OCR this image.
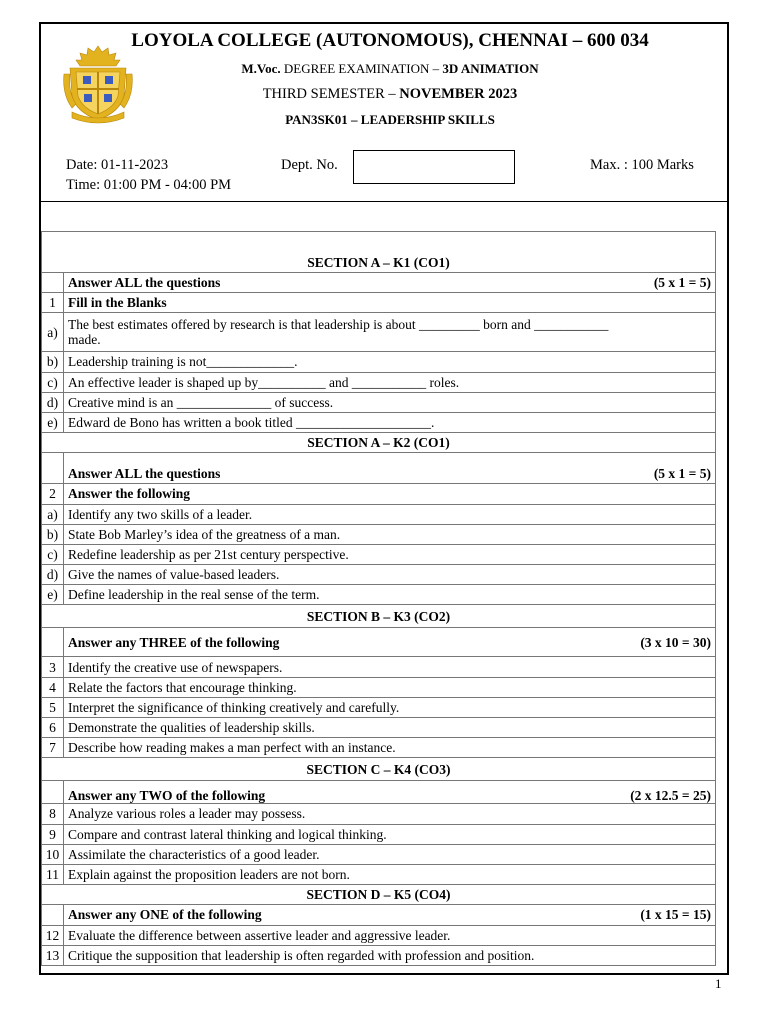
LOYOLA COLLEGE (AUTONOMOUS), CHENNAI – 600 034
M.Voc. DEGREE EXAMINATION – 3D ANIMATION
THIRD SEMESTER – NOVEMBER 2023
PAN3SK01 – LEADERSHIP SKILLS
Date: 01-11-2023	Dept. No.	Max. : 100 Marks
Time: 01:00 PM - 04:00 PM
SECTION A – K1 (CO1)	
	Answer ALL the questions (5 x 1 = 5)

1	Fill in the Blanks
a)	The best estimates offered by research is that leadership is about _________ born and ___________ made.
b)	Leadership training is not_____________.
c)	An effective leader is shaped up by__________ and ___________ roles.
d)	Creative mind is an ______________ of success.
e)	Edward de Bono has written a book titled ____________________.
SECTION A – K2 (CO1)	
	Answer ALL the questions (5 x 1 = 5)

2	Answer the following
a)	Identify any two skills of a leader.
b)	State Bob Marley’s idea of the greatness of a man.
c)	Redefine leadership as per 21st century perspective.
d)	Give the names of value-based leaders.
e)	Define leadership in the real sense of the term.
SECTION B – K3 (CO2)	
	Answer any THREE of the following (3 x 10 = 30)

3	Identify the creative use of newspapers.
4	Relate the factors that encourage thinking.
5	Interpret the significance of thinking creatively and carefully.
6	Demonstrate the qualities of leadership skills.
7	Describe how reading makes a man perfect with an instance.
SECTION C – K4 (CO3)	
	Answer any TWO of the following (2 x 12.5 = 25)

8	Analyze various roles a leader may possess.
9	Compare and contrast lateral thinking and logical thinking.
10	Assimilate the characteristics of a good leader.
11	Explain against the proposition leaders are not born.
SECTION D – K5 (CO4)	
	Answer any ONE of the following (1 x 15 = 15)

12	Evaluate the difference between assertive leader and aggressive leader.
13	Critique the supposition that leadership is often regarded with profession and position.
1
